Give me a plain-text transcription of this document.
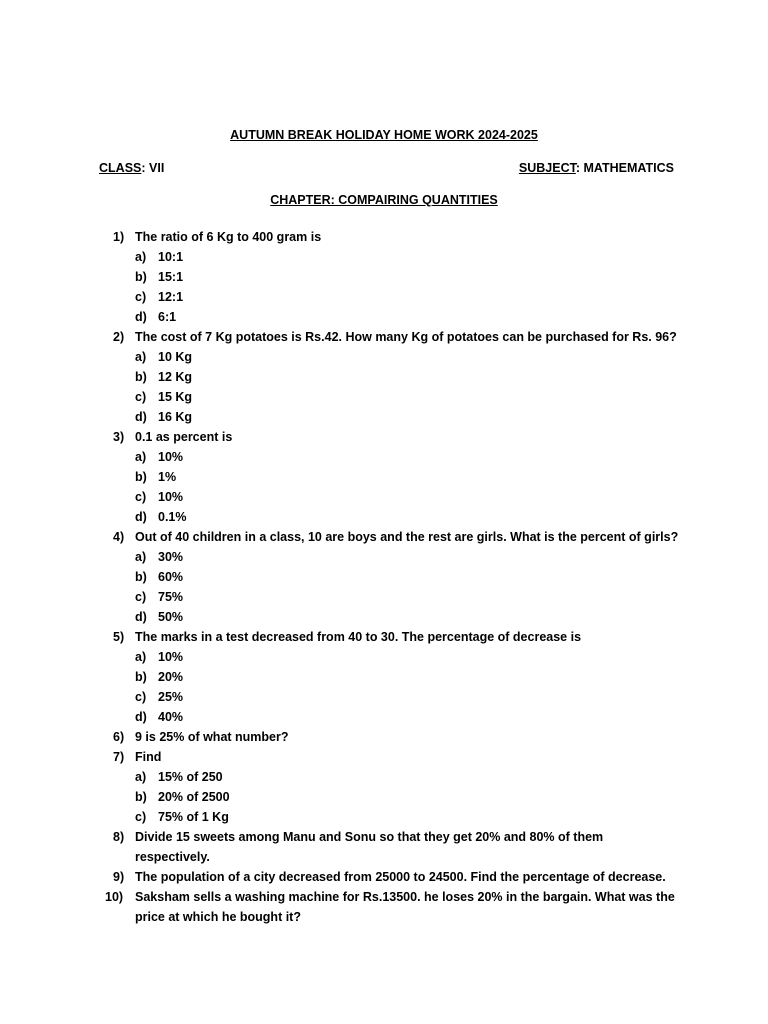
AUTUMN BREAK HOLIDAY HOME WORK 2024-2025
CLASS: VII	SUBJECT: MATHEMATICS
CHAPTER: COMPAIRING QUANTITIES
1) The ratio of 6 Kg to 400 gram is
a) 10:1
b) 15:1
c) 12:1
d) 6:1
2) The cost of 7 Kg potatoes is Rs.42. How many Kg of potatoes can be purchased for Rs. 96?
a) 10 Kg
b) 12 Kg
c) 15 Kg
d) 16 Kg
3) 0.1 as percent is
a) 10%
b) 1%
c) 10%
d) 0.1%
4) Out of 40 children in a class, 10 are boys and the rest are girls. What is the percent of girls?
a) 30%
b) 60%
c) 75%
d) 50%
5) The marks in a test decreased from 40 to 30. The percentage of decrease is
a) 10%
b) 20%
c) 25%
d) 40%
6) 9 is 25% of what number?
7) Find
a) 15% of 250
b) 20% of 2500
c) 75% of 1 Kg
8) Divide 15 sweets among Manu and Sonu so that they get 20% and 80% of them respectively.
9) The population of a city decreased from 25000 to 24500. Find the percentage of decrease.
10) Saksham sells a washing machine for Rs.13500. he loses 20% in the bargain. What was the price at which he bought it?
